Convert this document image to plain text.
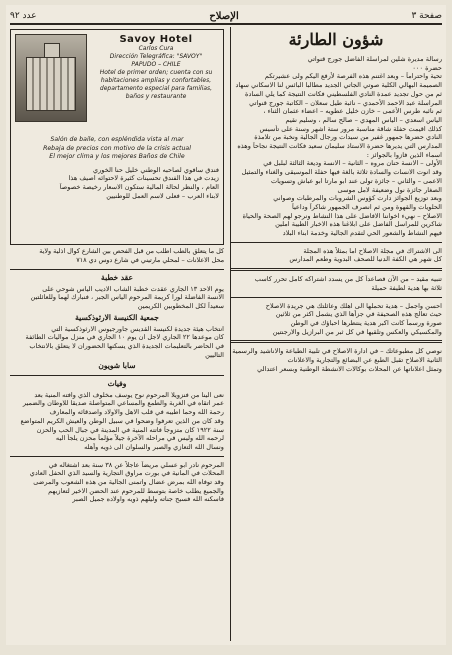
صفحة ٣
الإصلاح
عدد ٩٢
شؤون الطارئة

رسالة مديرة شلين لمراسلة الفاضل جورج قنواتي

حضرة ٠٠٠

تحية واحتراماً – وبعد اغتنم هذه الفرصة لأرفع اليكم ولى عشيرتكم

الصميمة البهالي الكلية صوتي الجاتي الجديد مطالبا البائس لنا الاسكاني سهاد

ثم من حول تجديد عمدة النادي الفلسطيني فكانت النتيجة كما يلي السادة

المراسلة عبد الاحمد الأحمدي – نائبة طيل سعلان – الكاتبة جورج قنواتي

ثم نائبه طرس الأعمى – خازن خليل عطويه – اعضاء عثمان الثناء ،

الياس اسعدي – الياس المهدي – صالح سالم ، وسليم نقيم

كذلك اقيمت حفلة شاقة مناسبة مرور ستة اشهر وسنة على تأسيس

النادي حضرها جمهور غفير من سيدات ورجال الجالية ونخبة من تلامذة

المدارس التي يديرها حضرة الاستاذ سليمان سعيد فكانت النتيجة نجاحاً وهذه

اسماء الذين فازوا بالجوائز :

الأولى – الانسة حنان مروه – الثانية – الانسة وديعة الثالثة لبلبل في

وقد انوت الانسات والسادة ثلاثة بالغة فيها حفلة الموسيقى والغناء والتمثيل

الاعمى – والثاني – جائزة تولى عند ابو مارتا ابو عباش وتسويات

الصغار جائزة نول وضعيفة لامل موسى

وبعد توزيع الجوائز دارت كؤوس الشروبات والمرطبات وصواني

الحلويات والقهوة ومن ثم انصرف الجمهور شاكراً وداعياً

الاصلاح – نهيء اخواننا الافاضل على هذا النشاط ونرجو لهم الصحة والحياة

شاكرين للمراسل الفاضل على ابلاغنا هذه الاخبار الطيبة املين

فيهم النشاط والشعور الحي لتقدم الجالية وخدمة ابناء البلاد

الى الاشتراك في مجلة الاصلاح اما بمثلاً هذه المجلة

كل شهر هي الكفة الدنيا للصحف البدوية وطعم المدارس

تنبيه مقيد – من الآن فصاعداً كل من يسدد اشتراكه كامل تحرر كاسب

ثلاثة بها هدية لطيفة حميلة

احسن واجمل – هدية تحملها الى اهلك وعائلتك هي جريدة الاصلاح

حيث تعالج هذه الصحيفة في جزأها الذي يشمل اكثر من ثلاثين

صورة ورسماً كانت اكبر هدية ينتظرها احباؤك في الوطن

والمكسيكي والعكس وتلقيها في كل ثبر من البرازيل والارجنتين

نوصي كل مطبوعاتك – في ادارة الاصلاح في تلبية الطباعة والاناشيد والرسمية

الثانية الاصلاح تقبل الطبع عن البضائع والتجارية والاعلانات

وتمثل اعلاناتها عن المحلات بوكالات الانشطة الوطنية وبسعر اعتدالي

Savoy Hotel
Carlos Cura
Dirección Telegráfica: "SAVOY"
PAPUDO – CHILE
Hotel de primer orden; cuenta con su habitaciones amplias y confortables, departamento especial para familias, baños y restaurante
Salón de baile, con espléndida vista al mar
Rebaja de precios con motivo de la crisis actual
El mejor clima y los mejores Baños de Chile

فندق سافوي لصاحبه الوطني خليل حنا الخوري

زيدت في هذا الفندق تحسينات كثيرة لاحتوائه اصيف هذا

العام ، والنظر لحالة المالية ستكون الاسعار رخيصة خصوصاً

لابناء العرب – فعلى لاسم العمل للوطنيين

كل ما يتعلق بالطب اطلب من قبل الفحص بين الشارع كوال اذلية ولاية

محل الاعلانات – لمحلي مارتيني في شارع دوس دي ٧١٨

عقد خطبة

يوم الاحد ١٣ الجاري عقدت خطبة الشاب الاديب الياس شوحي على

الانسة الفاضلة لورا كريمة المرحوم الياس الجبر ، فنبارك لهما وللعائلتين

سعيداً لكل المخطوبين الكريمين

جمعية الكنيسة الارثوذكسية

انتخاب هيئة جديدة لكنيسة القديس جاورجيوس الارثوذكسية التي

كان موعدها ٢٢ الجاري لاجل ان يوم ١٠ الجاري في منزل مواليات الطائفة

في الحاضر بالتعليمات الجديدة الذي يسكنها الحضوران لا يتعلق بالانتخاب

التاليين

سابا شويون
وفيات

نعى الينا من فنزويلا المرحوم نوح يوسف مخلوف الذي وافته المنية بعد

عمر اتقاه في الغربة والطمع والمساعي المتواصلة صديقا للاوطان والضمير

رحمة الله وحما اطيبه في قلب الاهل والاولاد واصدقائه والمعارف

وقد كان من الذين تعرفوا وضحوا في سبيل الوطن والعيش الكريم المتواضع

سنة ١٩٢٢ كان متزوجاً فاتته المنية في المدينة في جبال الحب والحزن

لرحمه الله وليس في مراحله الآخرة جيلاً مؤلماً محزن يلجأ اليه

ونسال الله التعازي والصبر والسلوان الى ذويه وأهله

المرحوم نادر ابو عسلي مريضاً عاجلاً عن ٣٨ سنة بعد اشتغاله في

المحلات في المانية في بورت مراوق التجارية والسيد الذي الحفل العادي

وقد توفاه الله بمرض عضال واتمنى الجالية من هذه الشعوب والمرضى

والجميع يطلب خاصة بتوسط للمرحوم عند الحضن الاخير لتعازيهم

فاسكنه الله فسيح جناته وليلهم ذويه واولاده جميل الصبر
